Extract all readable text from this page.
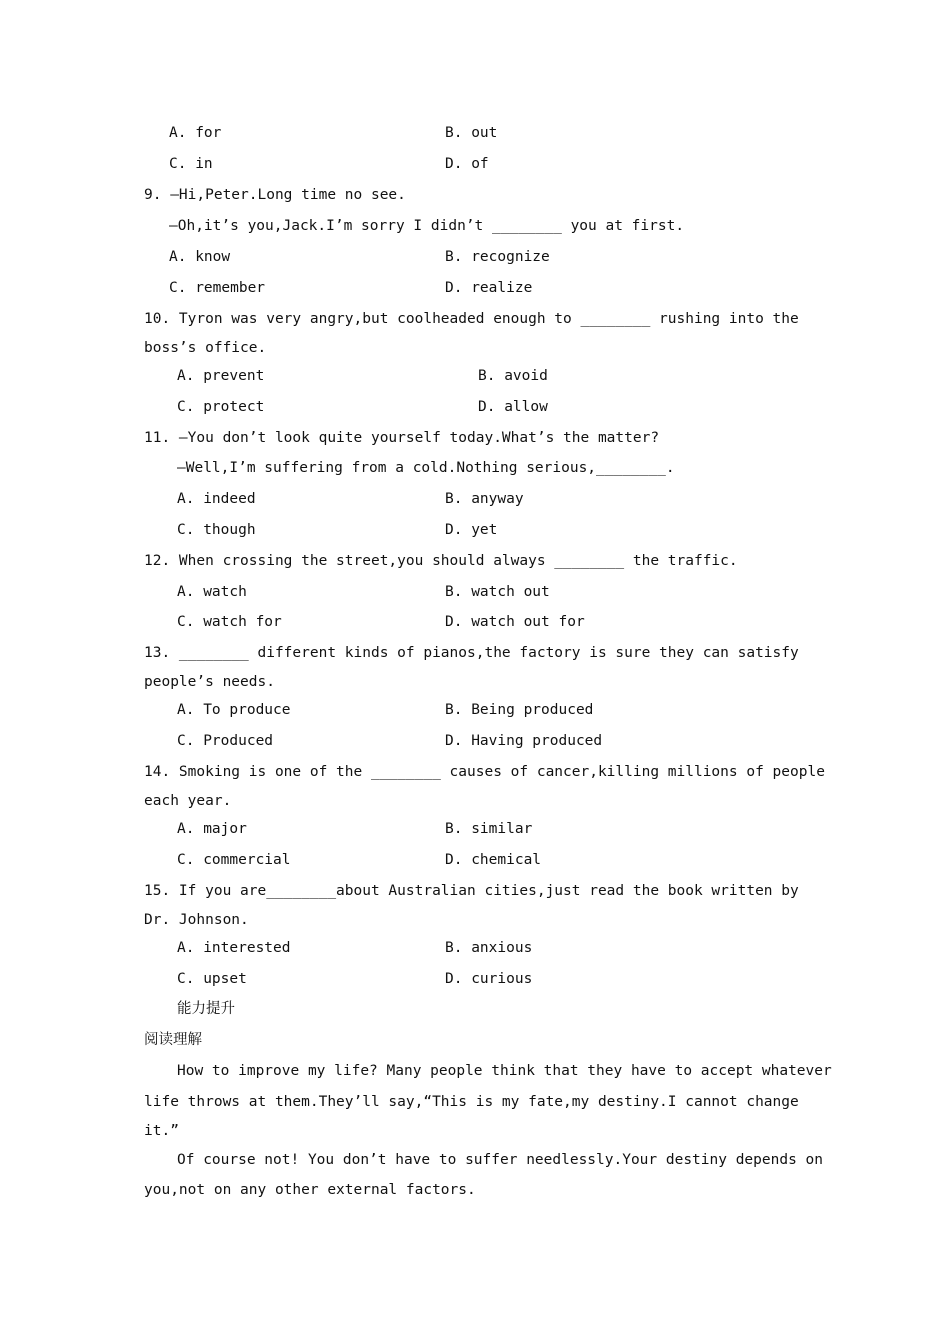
A. for	B. out
C. in	D. of
9. —Hi,Peter.Long time no see.
—Oh,it’s you,Jack.I’m sorry I didn’t ________ you at first.
A. know	B. recognize
C. remember	D. realize
10. Tyron was very angry,but coolheaded enough to ________ rushing into the
boss’s office.
A. prevent	B. avoid
C. protect	D. allow
11. —You don’t look quite yourself today.What’s the matter?
—Well,I’m suffering from a cold.Nothing serious,________.
A. indeed	B. anyway
C. though	D. yet
12. When crossing the street,you should always ________ the traffic.
A. watch	B. watch out
C. watch for	D. watch out for
13. ________ different kinds of pianos,the factory is sure they can satisfy
people’s needs.
A. To produce	B. Being produced
C. Produced	D. Having produced
14. Smoking is one of the ________ causes of cancer,killing millions of people
each year.
A. major	B. similar
C. commercial	D. chemical
15. If you are________about Australian cities,just read the book written by
Dr. Johnson.
A. interested	B. anxious
C. upset	D. curious
能力提升
阅读理解
How to improve my life? Many people think that they have to accept whatever
life throws at them.They’ll say,“This is my fate,my destiny.I cannot change
it.”
Of course not! You don’t have to suffer needlessly.Your destiny depends on
you,not on any other external factors.
